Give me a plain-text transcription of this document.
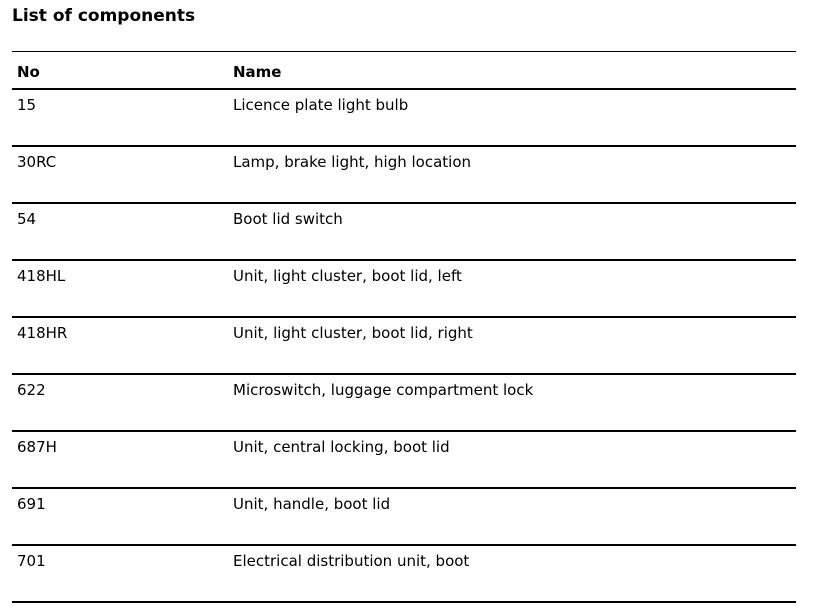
List of components
No	Name
15	Licence plate light bulb
30RC	Lamp, brake light, high location
54	Boot lid switch
418HL	Unit, light cluster, boot lid, left
418HR	Unit, light cluster, boot lid, right
622	Microswitch, luggage compartment lock
687H	Unit, central locking, boot lid
691	Unit, handle, boot lid
701	Electrical distribution unit, boot
